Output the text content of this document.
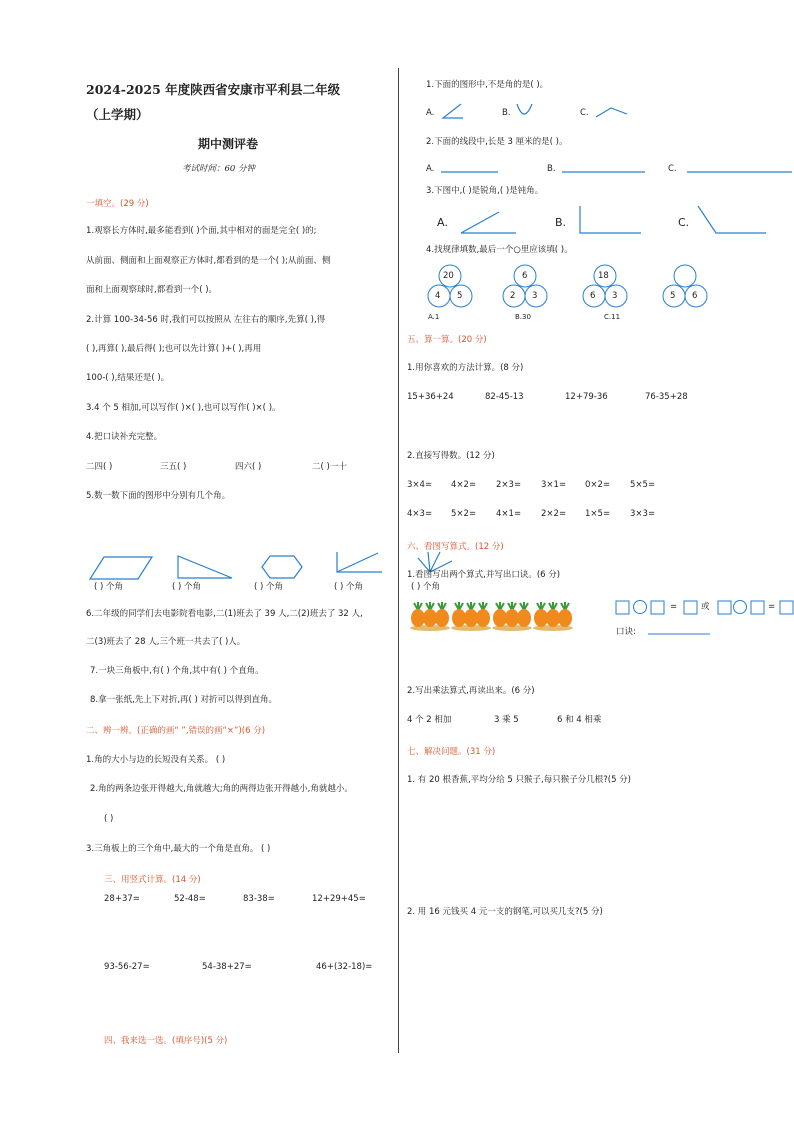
2024-2025 年度陕西省安康市平利县二年级
（上学期）
期中测评卷
考试时间：60 分钟
一填空。(29 分)
1.观察长方体时,最多能看到( )个面,其中相对的面是完全( )的;
从前面、侧面和上面观察正方体时,都看到的是一个( );从前面、侧
面和上面观察球时,都看到一个( )。
2.计算 100-34-56 时,我们可以按照从 左往右的顺序,先算( ),得
( ),再算( ),最后得( );也可以先计算( )+( ),再用
100-( ),结果还是( )。
3.4 个 5 相加,可以写作( )×( ),也可以写作( )×( )。
4.把口诀补充完整。
二四( )	三五( )	四六( )	二( )一十
5.数一数下面的图形中分别有几个角。
( ) 个角	( ) 个角	( ) 个角	( ) 个角
6.二年级的同学们去电影院看电影,二(1)班去了 39 人,二(2)班去了 32 人,
二(3)班去了 28 人,三个班一共去了( )人。
7.一块三角板中,有( ) 个角,其中有( ) 个直角。
8.拿一张纸,先上下对折,再( ) 对折可以得到直角。
二、辨一辨。(正确的画“ ”,错误的画“×”)(6 分)
1.角的大小与边的长短没有关系。 ( )
2.角的两条边张开得越大,角就越大;角的两得边张开得越小,角就越小。
( )
3.三角板上的三个角中,最大的一个角是直角。 ( )
三、用竖式计算。(14 分)
28+37=	52-48=	83-38=	12+29+45=
93-56-27=	54-38+27=	46+(32-18)=
四、我来选一选。(填序号)(5 分)
1.下面的图形中,不是角的是( )。
A.	B.	C.
2.下面的线段中,长是 3 厘米的是( )。
A.	B.	C.
3.下图中,( )是锐角,( )是钝角。
A.	B.	C.
4.找规律填数,最后一个○里应该填( )。
20
4 5
6
2 3
18
6 3	5 6
A.1	B.30	C.11
五、算一算。(20 分)
1.用你喜欢的方法计算。(8 分)
15+36+24	82-45-13	12+79-36	76-35+28
2.直接写得数。(12 分)
3×4= 4×2= 2×3= 3×1= 0×2= 5×5=
4×3= 5×2= 4×1= 2×2= 1×5= 3×3=
六、看图写算式。(12 分)
1.看图写出两个算式,并写出口诀。(6 分)
( ) 个角
=	或	=
口诀:
2.写出乘法算式,再读出来。(6 分)
4 个 2 相加	3 乘 5	6 和 4 相乘
七、解决问题。(31 分)
1. 有 20 根香蕉,平均分给 5 只猴子,每只猴子分几根?(5 分)
2. 用 16 元钱买 4 元一支的钢笔,可以买几支?(5 分)
